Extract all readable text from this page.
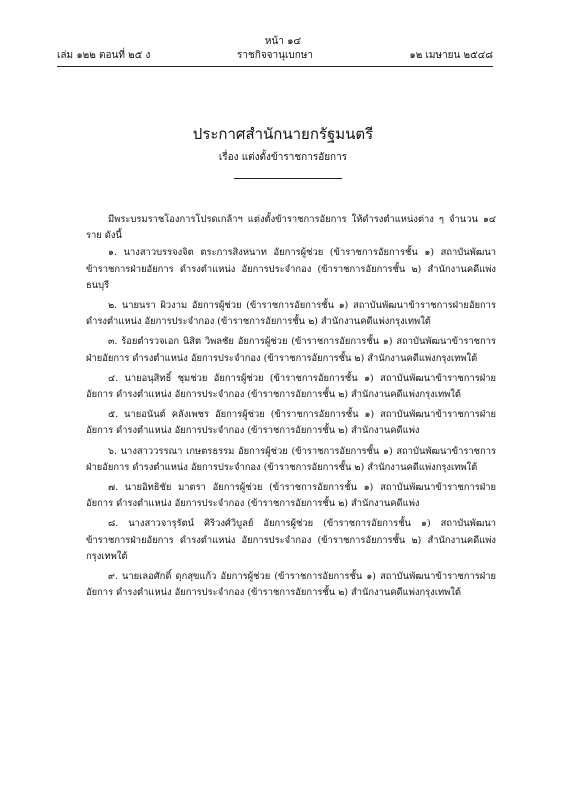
หน้า ๑๔
เล่ม ๑๒๒ ตอนที่ ๒๕ ง	ราชกิจจานุเบกษา	๑๒ เมษายน ๒๕๔๘
ประกาศสำนักนายกรัฐมนตรี
เรื่อง แต่งตั้งข้าราชการอัยการ

มีพระบรมราชโองการโปรดเกล้าฯ แต่งตั้งข้าราชการอัยการ ให้ดำรงตำแหน่งต่าง ๆ จำนวน ๑๔ ราย ดังนี้

๑. นางสาวบรรจงจิต ตระการสิงหนาท อัยการผู้ช่วย (ข้าราชการอัยการชั้น ๑) สถาบันพัฒนาข้าราชการฝ่ายอัยการ ดำรงตำแหน่ง อัยการประจำกอง (ข้าราชการอัยการชั้น ๒) สำนักงานคดีแพ่งธนบุรี

๒. นายนรา ผิวงาม อัยการผู้ช่วย (ข้าราชการอัยการชั้น ๑) สถาบันพัฒนาข้าราชการฝ่ายอัยการ ดำรงตำแหน่ง อัยการประจำกอง (ข้าราชการอัยการชั้น ๒) สำนักงานคดีแพ่งกรุงเทพใต้

๓. ร้อยตำรวจเอก นิสิต วิพลชัย อัยการผู้ช่วย (ข้าราชการอัยการชั้น ๑) สถาบันพัฒนาข้าราชการฝ่ายอัยการ ดำรงตำแหน่ง อัยการประจำกอง (ข้าราชการอัยการชั้น ๒) สำนักงานคดีแพ่งกรุงเทพใต้

๔. นายอนุสิทธิ์ ชุมช่วย อัยการผู้ช่วย (ข้าราชการอัยการชั้น ๑) สถาบันพัฒนาข้าราชการฝ่ายอัยการ ดำรงตำแหน่ง อัยการประจำกอง (ข้าราชการอัยการชั้น ๒) สำนักงานคดีแพ่งกรุงเทพใต้

๕. นายอนันต์ คลังเพชร อัยการผู้ช่วย (ข้าราชการอัยการชั้น ๑) สถาบันพัฒนาข้าราชการฝ่ายอัยการ ดำรงตำแหน่ง อัยการประจำกอง (ข้าราชการอัยการชั้น ๒) สำนักงานคดีแพ่ง

๖. นางสาววรรณา เกษตรธรรม อัยการผู้ช่วย (ข้าราชการอัยการชั้น ๑) สถาบันพัฒนาข้าราชการฝ่ายอัยการ ดำรงตำแหน่ง อัยการประจำกอง (ข้าราชการอัยการชั้น ๒) สำนักงานคดีแพ่งกรุงเทพใต้

๗. นายอิทธิชัย มาตรา อัยการผู้ช่วย (ข้าราชการอัยการชั้น ๑) สถาบันพัฒนาข้าราชการฝ่ายอัยการ ดำรงตำแหน่ง อัยการประจำกอง (ข้าราชการอัยการชั้น ๒) สำนักงานคดีแพ่ง

๘. นางสาวจารุรัตน์ ศิริวงศ์วิบูลย์ อัยการผู้ช่วย (ข้าราชการอัยการชั้น ๑) สถาบันพัฒนาข้าราชการฝ่ายอัยการ ดำรงตำแหน่ง อัยการประจำกอง (ข้าราชการอัยการชั้น ๒) สำนักงานคดีแพ่งกรุงเทพใต้

๙. นายเลอศักดิ์ ดุกสุขแก้ว อัยการผู้ช่วย (ข้าราชการอัยการชั้น ๑) สถาบันพัฒนาข้าราชการฝ่ายอัยการ ดำรงตำแหน่ง อัยการประจำกอง (ข้าราชการอัยการชั้น ๒) สำนักงานคดีแพ่งกรุงเทพใต้
